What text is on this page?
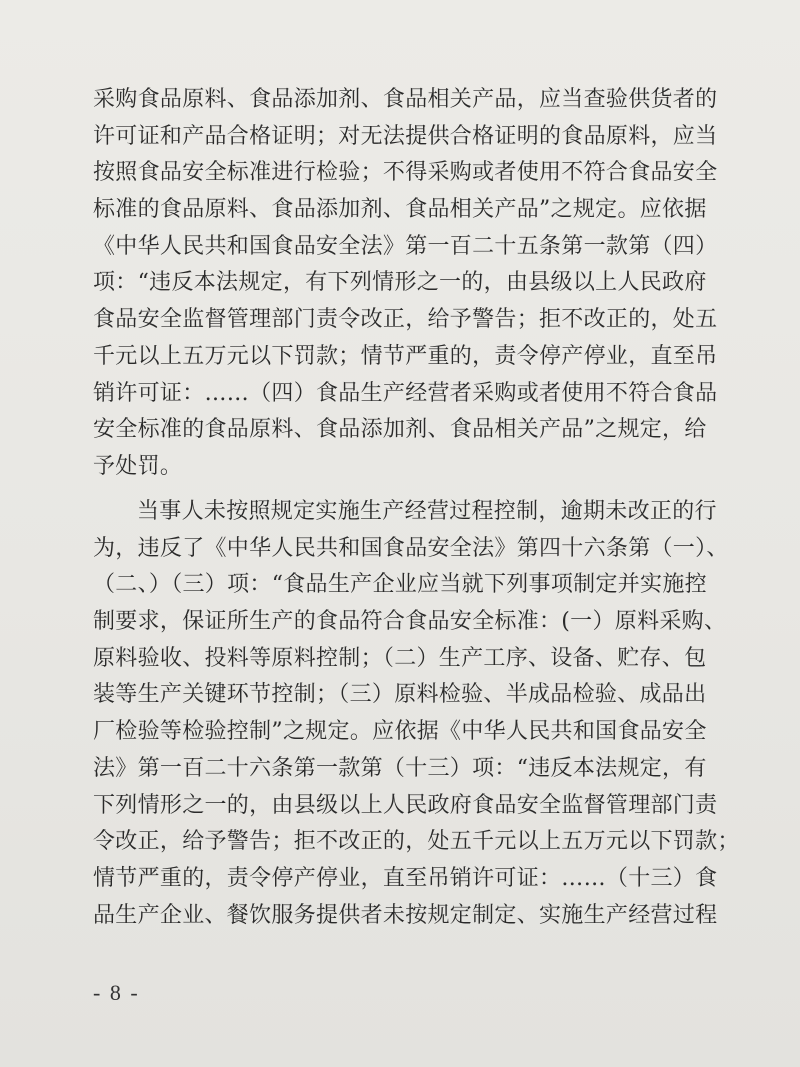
采购食品原料、食品添加剂、食品相关产品，应当查验供货者的
许可证和产品合格证明；对无法提供合格证明的食品原料，应当
按照食品安全标准进行检验；不得采购或者使用不符合食品安全
标准的食品原料、食品添加剂、食品相关产品”之规定。应依据
《中华人民共和国食品安全法》第一百二十五条第一款第（四）
项：“违反本法规定，有下列情形之一的，由县级以上人民政府
食品安全监督管理部门责令改正，给予警告；拒不改正的，处五
千元以上五万元以下罚款；情节严重的，责令停产停业，直至吊
销许可证：……（四）食品生产经营者采购或者使用不符合食品
安全标准的食品原料、食品添加剂、食品相关产品”之规定，给
予处罚。
当事人未按照规定实施生产经营过程控制，逾期未改正的行
为，违反了《中华人民共和国食品安全法》第四十六条第（一）、
（二、）（三）项：“食品生产企业应当就下列事项制定并实施控
制要求，保证所生产的食品符合食品安全标准：(一）原料采购、
原料验收、投料等原料控制；（二）生产工序、设备、贮存、包
装等生产关键环节控制；（三）原料检验、半成品检验、成品出
厂检验等检验控制”之规定。应依据《中华人民共和国食品安全
法》第一百二十六条第一款第（十三）项：“违反本法规定，有
下列情形之一的，由县级以上人民政府食品安全监督管理部门责
令改正，给予警告；拒不改正的，处五千元以上五万元以下罚款；
情节严重的，责令停产停业，直至吊销许可证：……（十三）食
品生产企业、餐饮服务提供者未按规定制定、实施生产经营过程
- 8 -
